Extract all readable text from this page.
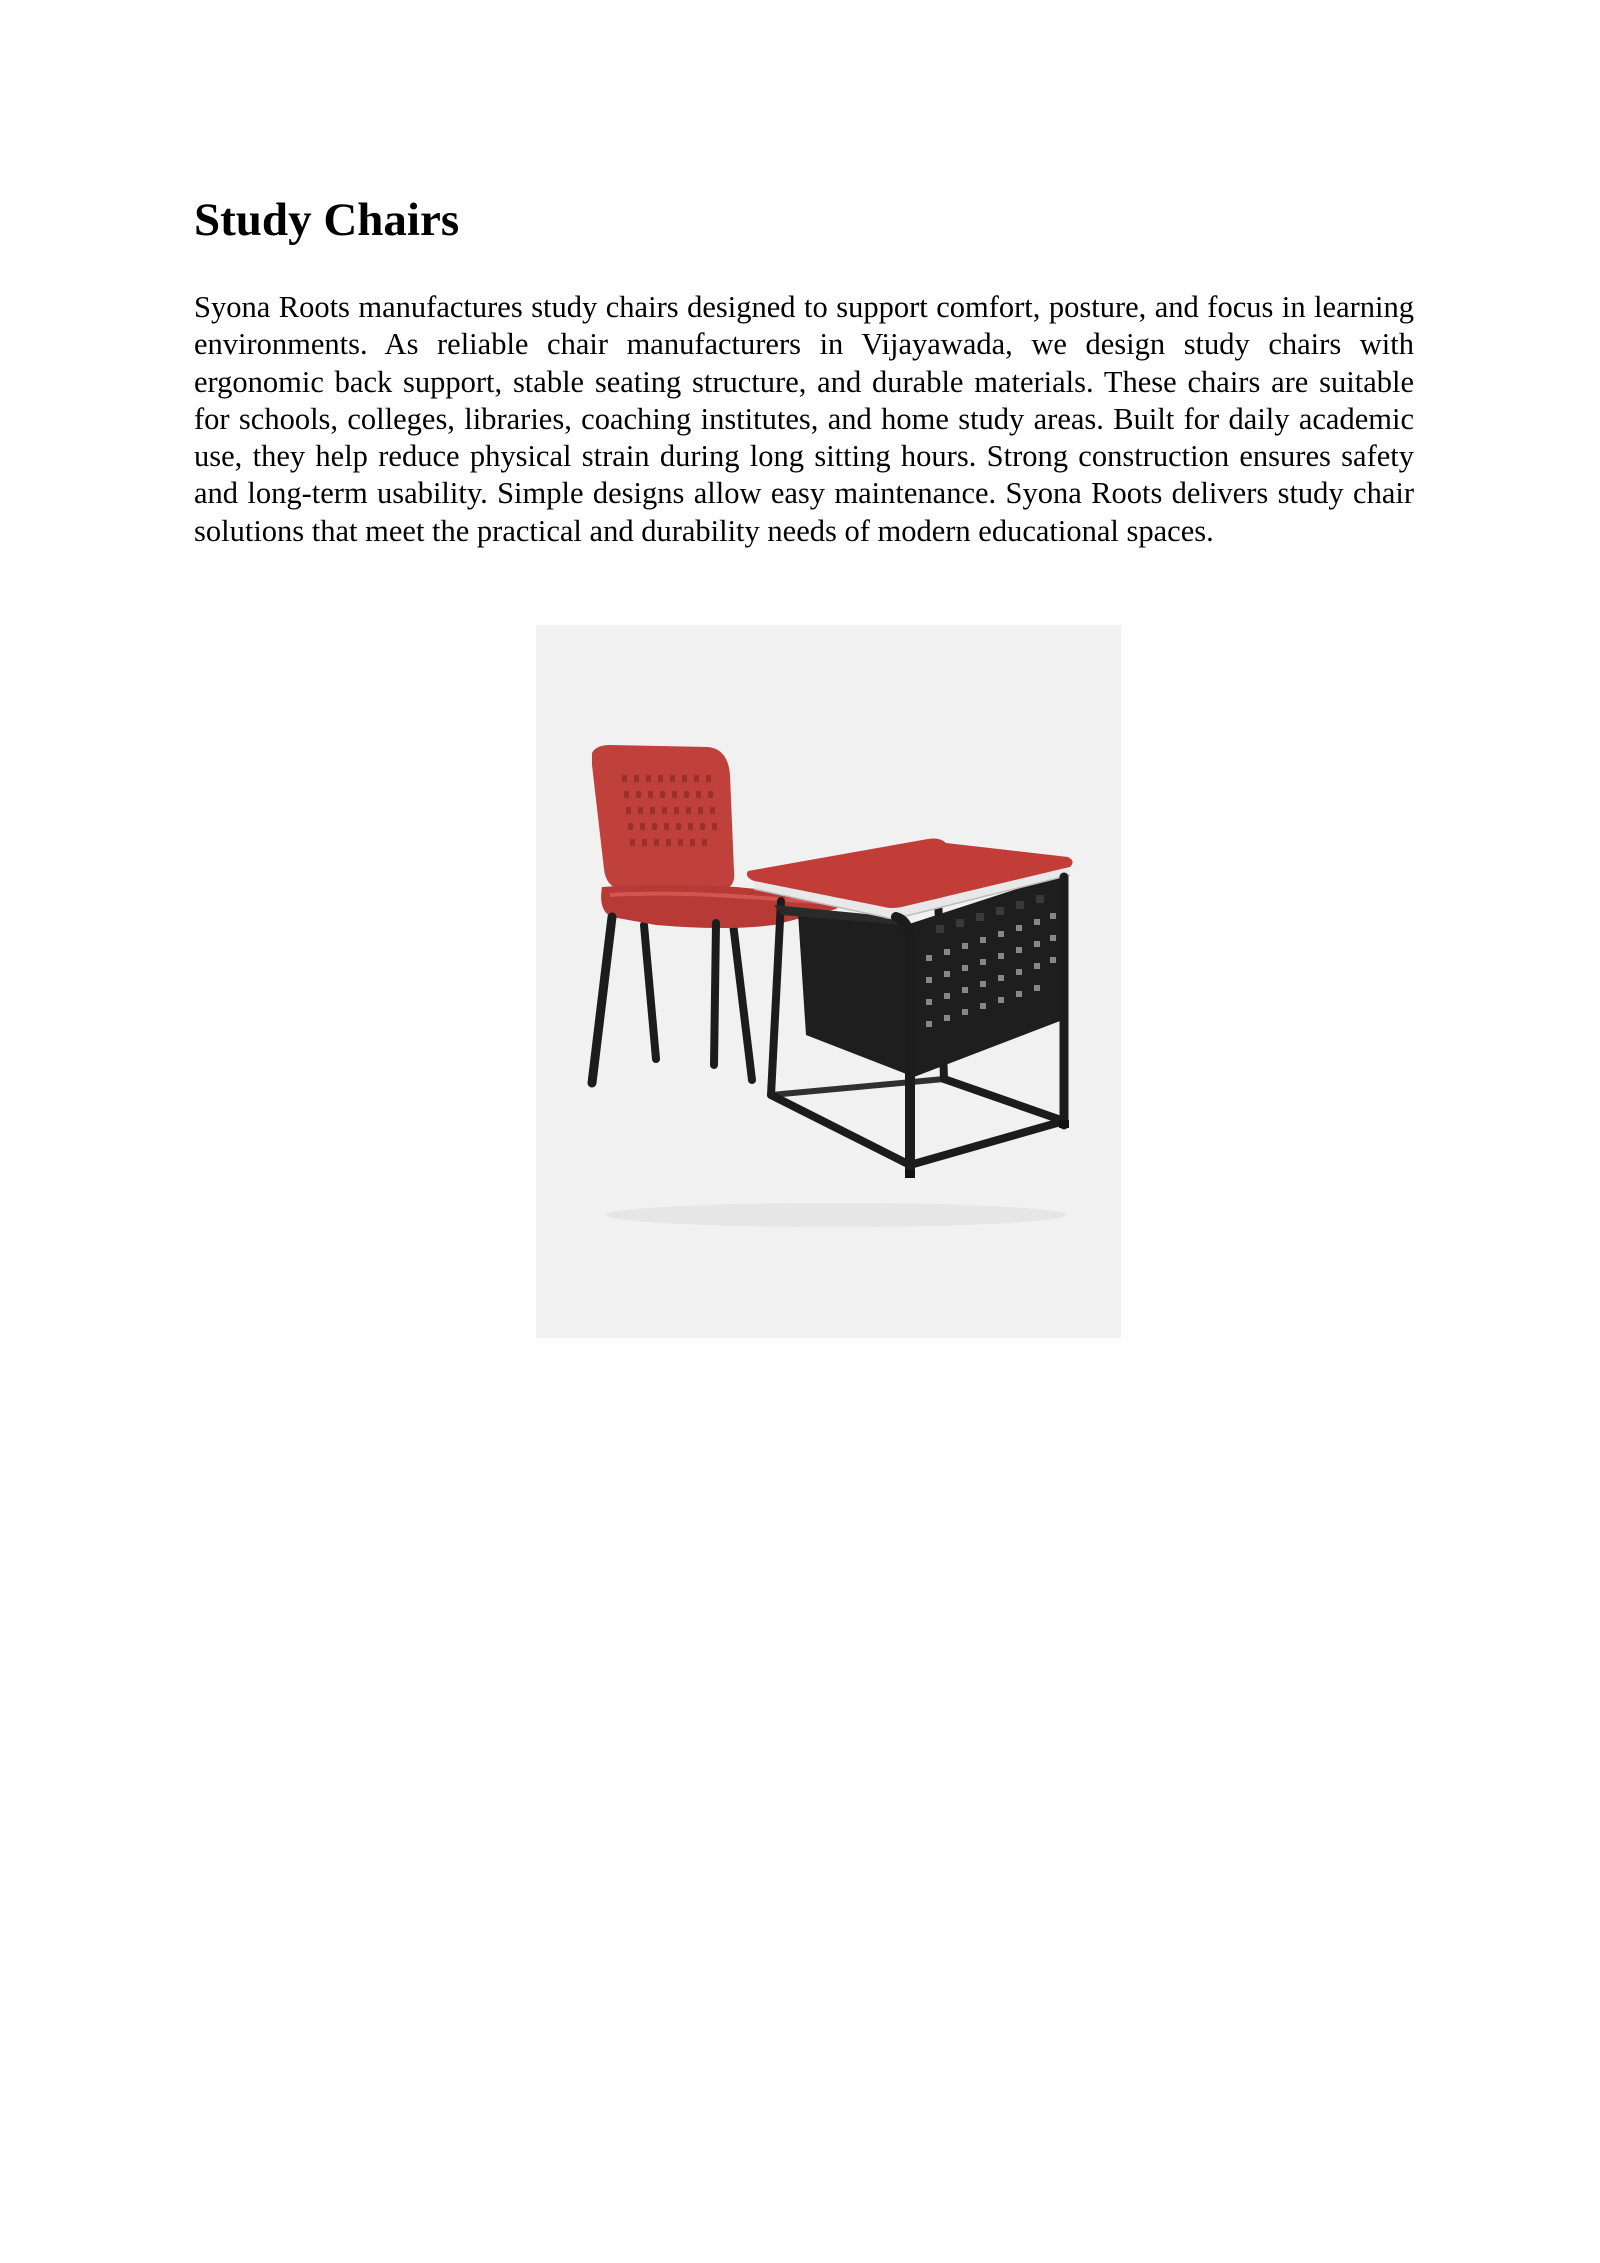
Study Chairs

Syona Roots manufactures study chairs designed to support comfort, posture, and focus in learning environments. As reliable chair manufacturers in Vijayawada, we design study chairs with ergonomic back support, stable seating structure, and durable materials. These chairs are suitable for schools, colleges, libraries, coaching institutes, and home study areas. Built for daily academic use, they help reduce physical strain during long sitting hours. Strong construction ensures safety and long-term usability. Simple designs allow easy maintenance. Syona Roots delivers study chair solutions that meet the practical and durability needs of modern educational spaces.
